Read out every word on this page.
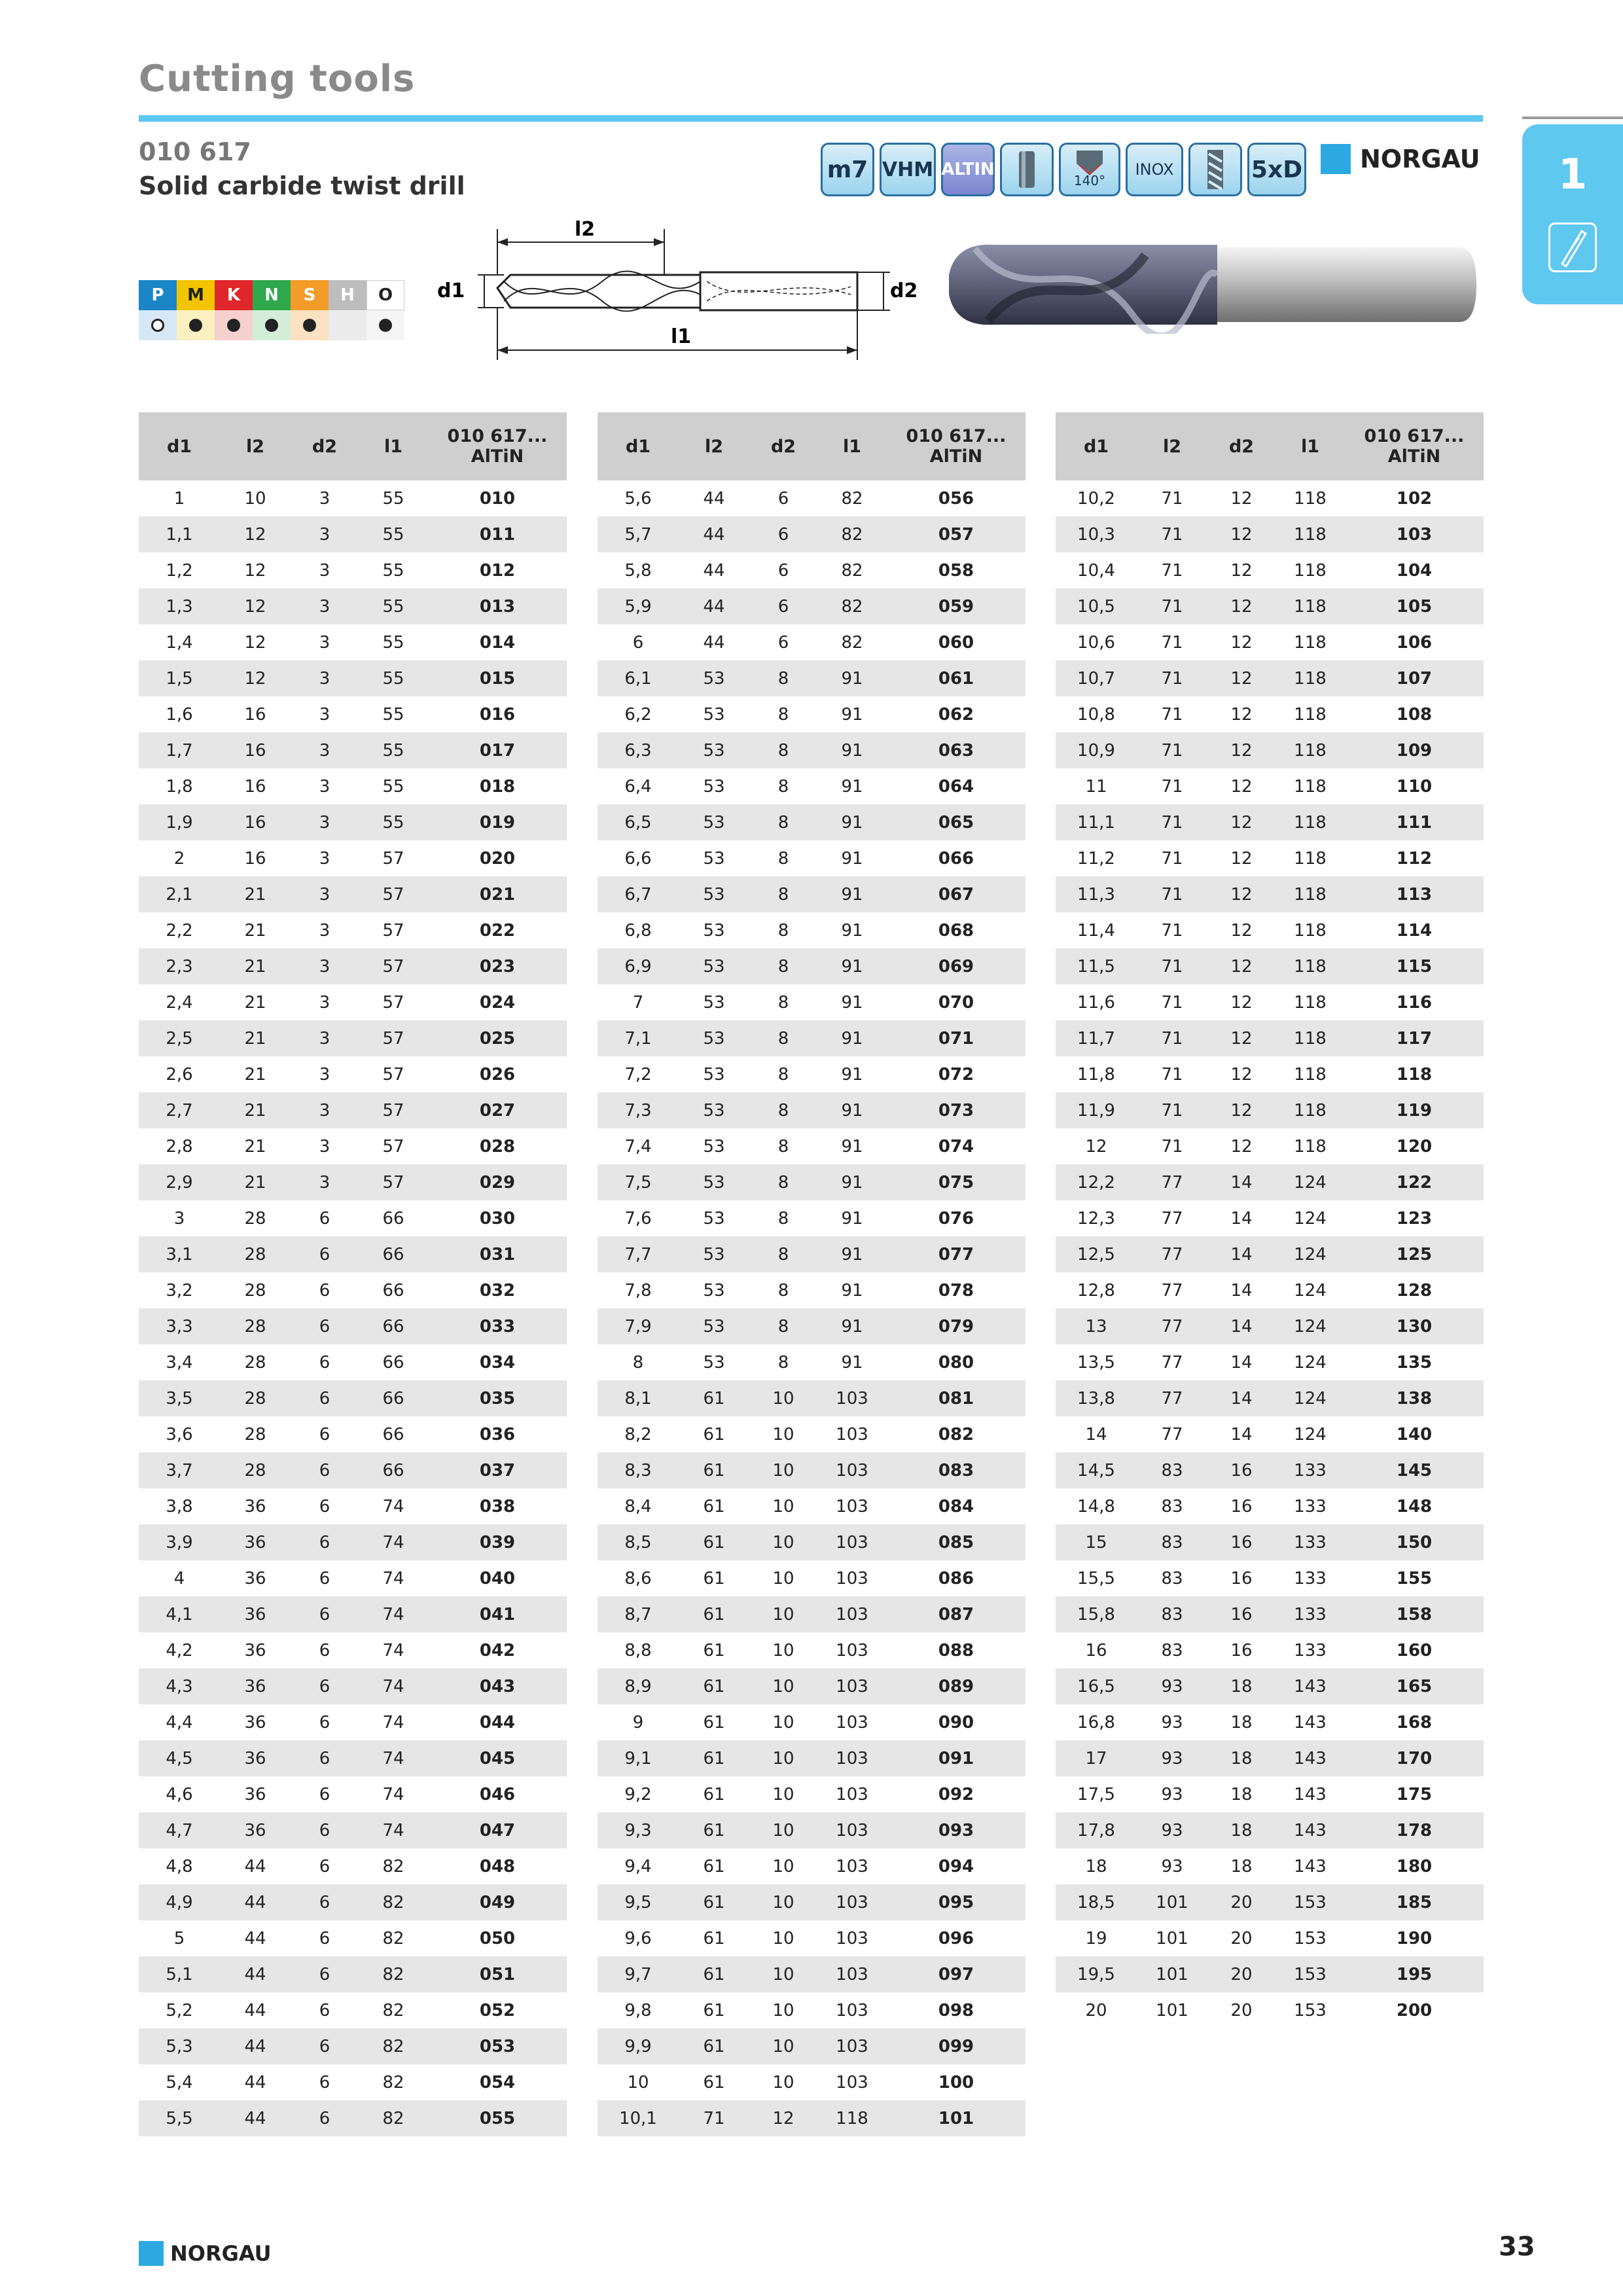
Cutting tools
010 617
Solid carbide twist drill
m7 VHM ALTIN
140°
INOX	5xD NORGAU	1
P	M	K	N	S	H	O
l2
d1	d2
l1
d1	l2	d2	l1	010 617...
AlTiN
1	10	3	55	010
1,1	12	3	55	011
1,2	12	3	55	012
1,3	12	3	55	013
1,4	12	3	55	014
1,5	12	3	55	015
1,6	16	3	55	016
1,7	16	3	55	017
1,8	16	3	55	018
1,9	16	3	55	019
2	16	3	57	020
2,1	21	3	57	021
2,2	21	3	57	022
2,3	21	3	57	023
2,4	21	3	57	024
2,5	21	3	57	025
2,6	21	3	57	026
2,7	21	3	57	027
2,8	21	3	57	028
2,9	21	3	57	029
3	28	6	66	030
3,1	28	6	66	031
3,2	28	6	66	032
3,3	28	6	66	033
3,4	28	6	66	034
3,5	28	6	66	035
3,6	28	6	66	036
3,7	28	6	66	037
3,8	36	6	74	038
3,9	36	6	74	039
4	36	6	74	040
4,1	36	6	74	041
4,2	36	6	74	042
4,3	36	6	74	043
4,4	36	6	74	044
4,5	36	6	74	045
4,6	36	6	74	046
4,7	36	6	74	047
4,8	44	6	82	048
4,9	44	6	82	049
5	44	6	82	050
5,1	44	6	82	051
5,2	44	6	82	052
5,3	44	6	82	053
5,4	44	6	82	054
5,5	44	6	82	055
d1	l2	d2	l1	010 617...
AlTiN
5,6	44	6	82	056
5,7	44	6	82	057
5,8	44	6	82	058
5,9	44	6	82	059
6	44	6	82	060
6,1	53	8	91	061
6,2	53	8	91	062
6,3	53	8	91	063
6,4	53	8	91	064
6,5	53	8	91	065
6,6	53	8	91	066
6,7	53	8	91	067
6,8	53	8	91	068
6,9	53	8	91	069
7	53	8	91	070
7,1	53	8	91	071
7,2	53	8	91	072
7,3	53	8	91	073
7,4	53	8	91	074
7,5	53	8	91	075
7,6	53	8	91	076
7,7	53	8	91	077
7,8	53	8	91	078
7,9	53	8	91	079
8	53	8	91	080
8,1	61	10	103	081
8,2	61	10	103	082
8,3	61	10	103	083
8,4	61	10	103	084
8,5	61	10	103	085
8,6	61	10	103	086
8,7	61	10	103	087
8,8	61	10	103	088
8,9	61	10	103	089
9	61	10	103	090
9,1	61	10	103	091
9,2	61	10	103	092
9,3	61	10	103	093
9,4	61	10	103	094
9,5	61	10	103	095
9,6	61	10	103	096
9,7	61	10	103	097
9,8	61	10	103	098
9,9	61	10	103	099
10	61	10	103	100
10,1	71	12	118	101
d1	l2	d2	l1	010 617...
AlTiN
10,2	71	12	118	102
10,3	71	12	118	103
10,4	71	12	118	104
10,5	71	12	118	105
10,6	71	12	118	106
10,7	71	12	118	107
10,8	71	12	118	108
10,9	71	12	118	109
11	71	12	118	110
11,1	71	12	118	111
11,2	71	12	118	112
11,3	71	12	118	113
11,4	71	12	118	114
11,5	71	12	118	115
11,6	71	12	118	116
11,7	71	12	118	117
11,8	71	12	118	118
11,9	71	12	118	119
12	71	12	118	120
12,2	77	14	124	122
12,3	77	14	124	123
12,5	77	14	124	125
12,8	77	14	124	128
13	77	14	124	130
13,5	77	14	124	135
13,8	77	14	124	138
14	77	14	124	140
14,5	83	16	133	145
14,8	83	16	133	148
15	83	16	133	150
15,5	83	16	133	155
15,8	83	16	133	158
16	83	16	133	160
16,5	93	18	143	165
16,8	93	18	143	168
17	93	18	143	170
17,5	93	18	143	175
17,8	93	18	143	178
18	93	18	143	180
18,5	101	20	153	185
19	101	20	153	190
19,5	101	20	153	195
20	101	20	153	200
NORGAU	33
